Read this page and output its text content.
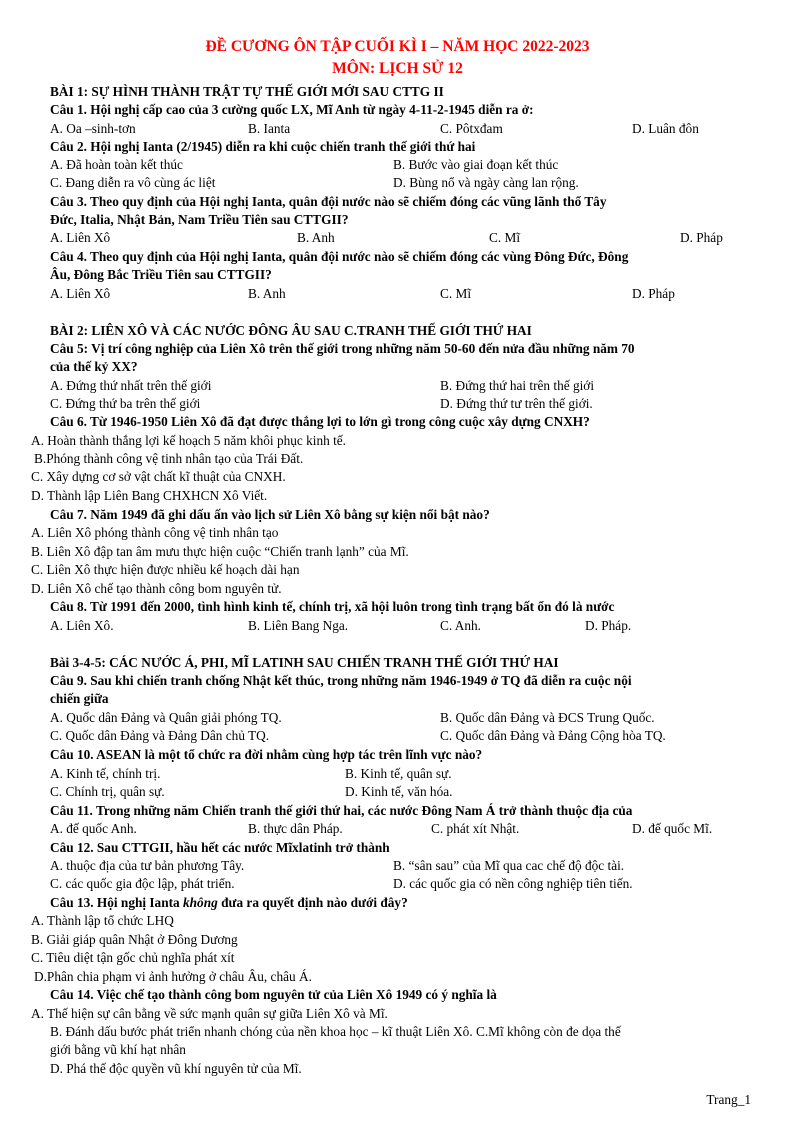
ĐỀ CƯƠNG ÔN TẬP CUỐI KÌ I – NĂM HỌC 2022-2023
MÔN: LỊCH SỬ 12
BÀI 1: SỰ HÌNH THÀNH TRẬT TỰ THẾ GIỚI MỚI SAU CTTG II
Câu 1. Hội nghị cấp cao của 3 cường quốc LX, Mĩ Anh từ ngày 4-11-2-1945 diễn ra ở:
A. Oa –sinh-tơn	B. Ianta	C. Pôtxđam	D. Luân đôn
Câu 2. Hội nghị Ianta (2/1945) diễn ra khi cuộc chiến tranh thế giới thứ hai
A. Đã hoàn toàn kết thúc	B. Bước vào giai đoạn kết thúc
C. Đang diễn ra vô cùng ác liệt	D. Bùng nổ và ngày càng lan rộng.
Câu 3. Theo quy định của Hội nghị Ianta, quân đội nước nào sẽ chiếm đóng các vũng lãnh thổ Tây
Đức, Italia, Nhật Bản, Nam Triều Tiên sau CTTGII?
A. Liên Xô	B. Anh	C. Mĩ	D. Pháp
Câu 4. Theo quy định của Hội nghị Ianta, quân đội nước nào sẽ chiếm đóng các vùng Đông Đức, Đông
Âu, Đông Bắc Triều Tiên sau CTTGII?
A. Liên Xô	B. Anh	C. Mĩ	D. Pháp
BÀI 2: LIÊN XÔ VÀ CÁC NƯỚC ĐÔNG ÂU SAU C.TRANH THẾ GIỚI THỨ HAI
Câu 5: Vị trí công nghiệp của Liên Xô trên thế giới trong những năm 50-60 đến nửa đầu những năm 70
của thế kỷ XX?
A. Đứng thứ nhất trên thế giới	B. Đứng thứ hai trên thế giới
C. Đứng thứ ba trên thế giới	D. Đứng thứ tư trên thế giới.
Câu 6. Từ 1946-1950 Liên Xô đã đạt được thắng lợi to lớn gì trong công cuộc xây dựng CNXH?
A. Hoàn thành thắng lợi kế hoạch 5 năm khôi phục kinh tế.
B.Phóng thành công vệ tinh nhân tạo của Trái Đất.
C. Xây dựng cơ sở vật chất kĩ thuật của CNXH.
D. Thành lập Liên Bang CHXHCN Xô Viết.
Câu 7. Năm 1949 đã ghi dấu ấn vào lịch sử Liên Xô bằng sự kiện nổi bật nào?
A. Liên Xô phóng thành công vệ tinh nhân tạo
B. Liên Xô đập tan âm mưu thực hiện cuộc “Chiến tranh lạnh” của Mĩ.
C. Liên Xô thực hiện được nhiều kế hoạch dài hạn
D. Liên Xô chế tạo thành công bom nguyên tử.
Câu 8. Từ 1991 đến 2000, tình hình kinh tế, chính trị, xã hội luôn trong tình trạng bất ổn đó là nước
A. Liên Xô.	B. Liên Bang Nga.	C. Anh.	D. Pháp.
Bài 3-4-5: CÁC NƯỚC Á, PHI, MĨ LATINH SAU CHIẾN TRANH THẾ GIỚI THỨ HAI
Câu 9. Sau khi chiến tranh chống Nhật kết thúc, trong những năm 1946-1949 ở TQ đã diễn ra cuộc nội
chiến giữa
A. Quốc dân Đảng và Quân giải phóng TQ.	B. Quốc dân Đảng và ĐCS Trung Quốc.
C. Quốc dân Đảng và Đảng Dân chủ TQ.	C. Quốc dân Đảng và Đảng Cộng hòa TQ.
Câu 10. ASEAN là một tổ chức ra đời nhằm cùng hợp tác trên lĩnh vực nào?
A. Kinh tế, chính trị.	B. Kinh tế, quân sự.
C. Chính trị, quân sự.	D. Kinh tế, văn hóa.
Câu 11. Trong những năm Chiến tranh thế giới thứ hai, các nước Đông Nam Á trở thành thuộc địa của
A. đế quốc Anh.	B. thực dân Pháp.	C. phát xít Nhật.	D. đế quốc Mĩ.
Câu 12. Sau CTTGII, hầu hết các nước Mĩxlatinh trở thành
A. thuộc địa của tư bản phương Tây.	B. “sân sau” của Mĩ qua cac chế độ độc tài.
C. các quốc gia độc lập, phát triển.	D. các quốc gia có nền công nghiệp tiên tiến.
Câu 13. Hội nghị Ianta không đưa ra quyết định nào dưới đây?
A. Thành lập tổ chức LHQ
B. Giải giáp quân Nhật ở Đông Dương
C. Tiêu diệt tận gốc chủ nghĩa phát xít
D.Phân chia phạm vi ảnh hưởng ở châu Âu, châu Á.
Câu 14. Việc chế tạo thành công bom nguyên tử của Liên Xô 1949 có ý nghĩa là
A. Thế hiện sự cân bằng về sức mạnh quân sự giữa Liên Xô và Mĩ.
B. Đánh dấu bước phát triển nhanh chóng của nền khoa học – kĩ thuật Liên Xô. C.Mĩ không còn đe dọa thế
giới bằng vũ khí hạt nhân
D. Phá thế độc quyền vũ khí nguyên tử của Mĩ.
Trang_1
